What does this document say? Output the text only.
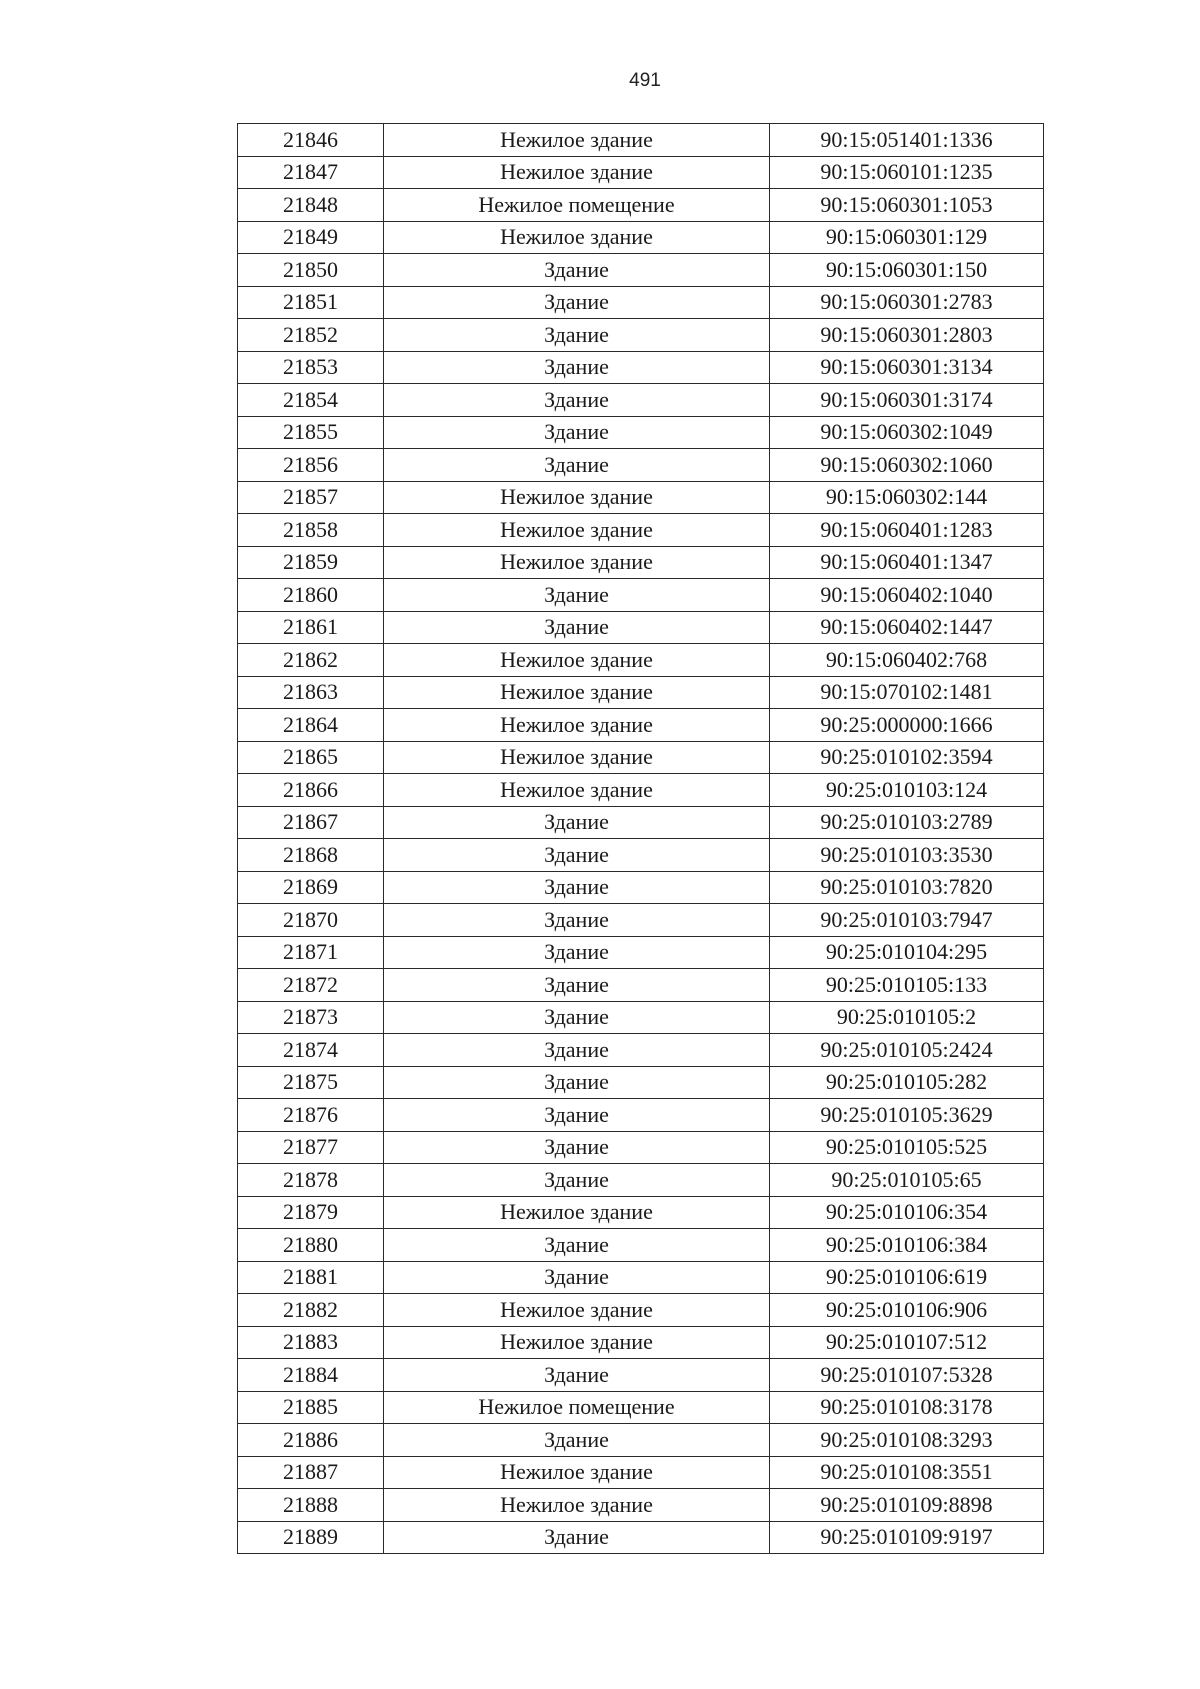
491
21846	Нежилое здание	90:15:051401:1336
21847	Нежилое здание	90:15:060101:1235
21848	Нежилое помещение	90:15:060301:1053
21849	Нежилое здание	90:15:060301:129
21850	Здание	90:15:060301:150
21851	Здание	90:15:060301:2783
21852	Здание	90:15:060301:2803
21853	Здание	90:15:060301:3134
21854	Здание	90:15:060301:3174
21855	Здание	90:15:060302:1049
21856	Здание	90:15:060302:1060
21857	Нежилое здание	90:15:060302:144
21858	Нежилое здание	90:15:060401:1283
21859	Нежилое здание	90:15:060401:1347
21860	Здание	90:15:060402:1040
21861	Здание	90:15:060402:1447
21862	Нежилое здание	90:15:060402:768
21863	Нежилое здание	90:15:070102:1481
21864	Нежилое здание	90:25:000000:1666
21865	Нежилое здание	90:25:010102:3594
21866	Нежилое здание	90:25:010103:124
21867	Здание	90:25:010103:2789
21868	Здание	90:25:010103:3530
21869	Здание	90:25:010103:7820
21870	Здание	90:25:010103:7947
21871	Здание	90:25:010104:295
21872	Здание	90:25:010105:133
21873	Здание	90:25:010105:2
21874	Здание	90:25:010105:2424
21875	Здание	90:25:010105:282
21876	Здание	90:25:010105:3629
21877	Здание	90:25:010105:525
21878	Здание	90:25:010105:65
21879	Нежилое здание	90:25:010106:354
21880	Здание	90:25:010106:384
21881	Здание	90:25:010106:619
21882	Нежилое здание	90:25:010106:906
21883	Нежилое здание	90:25:010107:512
21884	Здание	90:25:010107:5328
21885	Нежилое помещение	90:25:010108:3178
21886	Здание	90:25:010108:3293
21887	Нежилое здание	90:25:010108:3551
21888	Нежилое здание	90:25:010109:8898
21889	Здание	90:25:010109:9197
